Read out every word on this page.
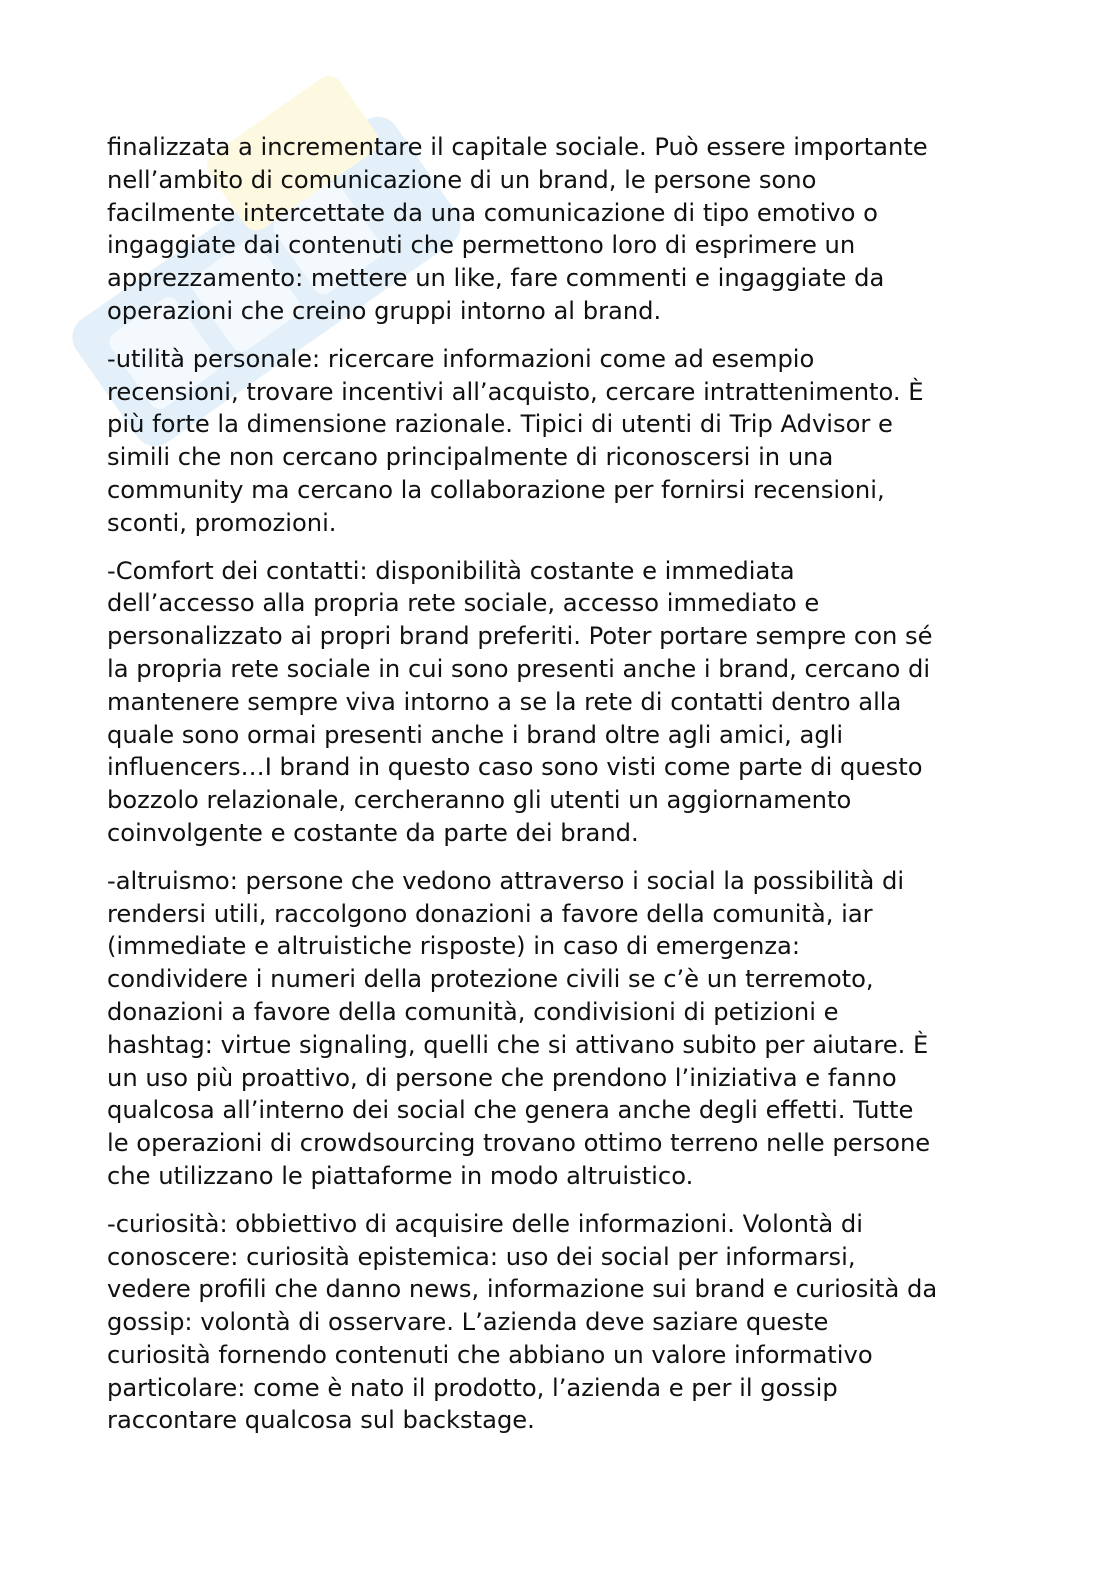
finalizzata a incrementare il capitale sociale. Può essere importante
nell’ambito di comunicazione di un brand, le persone sono
facilmente intercettate da una comunicazione di tipo emotivo o
ingaggiate dai contenuti che permettono loro di esprimere un
apprezzamento: mettere un like, fare commenti e ingaggiate da
operazioni che creino gruppi intorno al brand.

-utilità personale: ricercare informazioni come ad esempio
recensioni, trovare incentivi all’acquisto, cercare intrattenimento. È
più forte la dimensione razionale. Tipici di utenti di Trip Advisor e
simili che non cercano principalmente di riconoscersi in una
community ma cercano la collaborazione per fornirsi recensioni,
sconti, promozioni.

-Comfort dei contatti: disponibilità costante e immediata
dell’accesso alla propria rete sociale, accesso immediato e
personalizzato ai propri brand preferiti. Poter portare sempre con sé
la propria rete sociale in cui sono presenti anche i brand, cercano di
mantenere sempre viva intorno a se la rete di contatti dentro alla
quale sono ormai presenti anche i brand oltre agli amici, agli
influencers…I brand in questo caso sono visti come parte di questo
bozzolo relazionale, cercheranno gli utenti un aggiornamento
coinvolgente e costante da parte dei brand.

-altruismo: persone che vedono attraverso i social la possibilità di
rendersi utili, raccolgono donazioni a favore della comunità, iar
(immediate e altruistiche risposte) in caso di emergenza:
condividere i numeri della protezione civili se c’è un terremoto,
donazioni a favore della comunità, condivisioni di petizioni e
hashtag: virtue signaling, quelli che si attivano subito per aiutare. È
un uso più proattivo, di persone che prendono l’iniziativa e fanno
qualcosa all’interno dei social che genera anche degli effetti. Tutte
le operazioni di crowdsourcing trovano ottimo terreno nelle persone
che utilizzano le piattaforme in modo altruistico.

-curiosità: obbiettivo di acquisire delle informazioni. Volontà di
conoscere: curiosità epistemica: uso dei social per informarsi,
vedere profili che danno news, informazione sui brand e curiosità da
gossip: volontà di osservare. L’azienda deve saziare queste
curiosità fornendo contenuti che abbiano un valore informativo
particolare: come è nato il prodotto, l’azienda e per il gossip
raccontare qualcosa sul backstage.
